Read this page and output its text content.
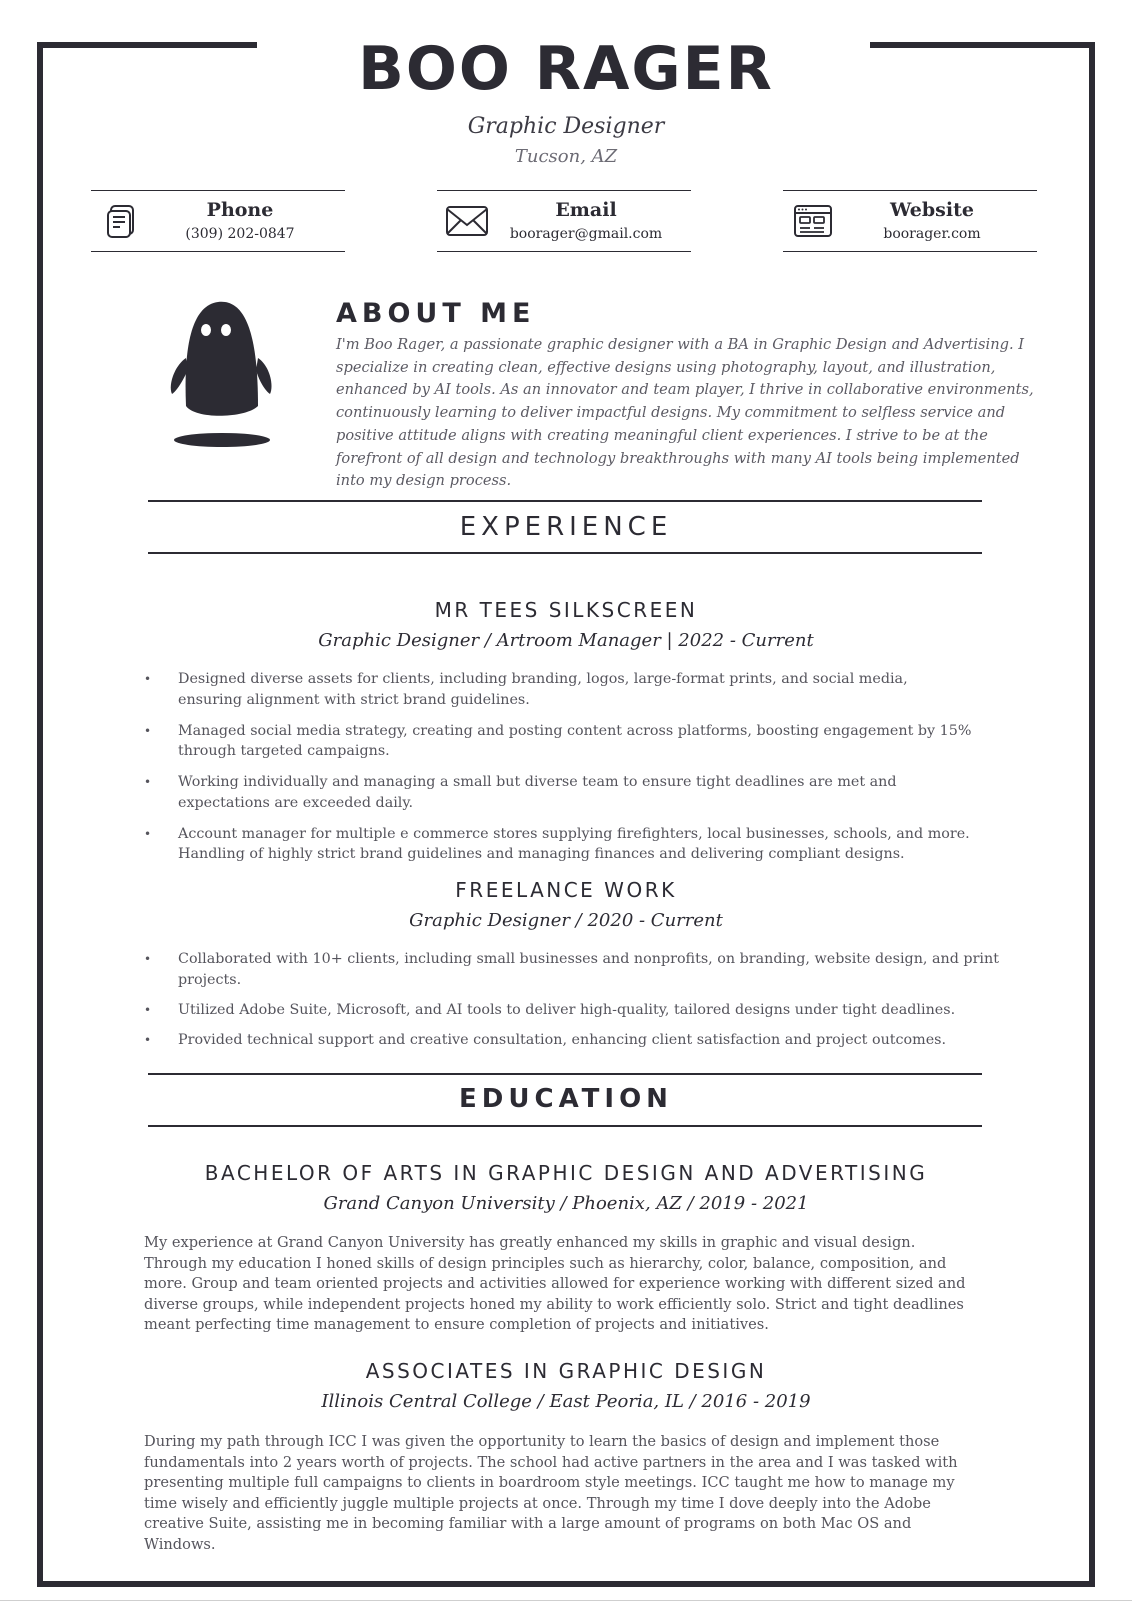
BOO RAGER
Graphic Designer
Tucson, AZ
Phone
(309) 202-0847
Email
boorager@gmail.com
Website
boorager.com
ABOUT ME
I'm Boo Rager, a passionate graphic designer with a BA in Graphic Design and Advertising. I specialize in creating clean, effective designs using photography, layout, and illustration, enhanced by AI tools. As an innovator and team player, I thrive in collaborative environments, continuously learning to deliver impactful designs. My commitment to selfless service and positive attitude aligns with creating meaningful client experiences. I strive to be at the forefront of all design and technology breakthroughs with many AI tools being implemented into my design process.
EXPERIENCE
MR TEES SILKSCREEN
Graphic Designer / Artroom Manager | 2022 - Current
• Designed diverse assets for clients, including branding, logos, large-format prints, and social media, ensuring alignment with strict brand guidelines.
• Managed social media strategy, creating and posting content across platforms, boosting engagement by 15% through targeted campaigns.
• Working individually and managing a small but diverse team to ensure tight deadlines are met and expectations are exceeded daily.
• Account manager for multiple e commerce stores supplying firefighters, local businesses, schools, and more. Handling of highly strict brand guidelines and managing finances and delivering compliant designs.
FREELANCE WORK
Graphic Designer / 2020 - Current
• Collaborated with 10+ clients, including small businesses and nonprofits, on branding, website design, and print projects.
• Utilized Adobe Suite, Microsoft, and AI tools to deliver high-quality, tailored designs under tight deadlines.
• Provided technical support and creative consultation, enhancing client satisfaction and project outcomes.
EDUCATION
BACHELOR OF ARTS IN GRAPHIC DESIGN AND ADVERTISING
Grand Canyon University / Phoenix, AZ / 2019 - 2021

My experience at Grand Canyon University has greatly enhanced my skills in graphic and visual design. Through my education I honed skills of design principles such as hierarchy, color, balance, composition, and more. Group and team oriented projects and activities allowed for experience working with different sized and diverse groups, while independent projects honed my ability to work efficiently solo. Strict and tight deadlines meant perfecting time management to ensure completion of projects and initiatives.

ASSOCIATES IN GRAPHIC DESIGN
Illinois Central College / East Peoria, IL / 2016 - 2019

During my path through ICC I was given the opportunity to learn the basics of design and implement those fundamentals into 2 years worth of projects. The school had active partners in the area and I was tasked with presenting multiple full campaigns to clients in boardroom style meetings. ICC taught me how to manage my time wisely and efficiently juggle multiple projects at once. Through my time I dove deeply into the Adobe creative Suite, assisting me in becoming familiar with a large amount of programs on both Mac OS and Windows.
